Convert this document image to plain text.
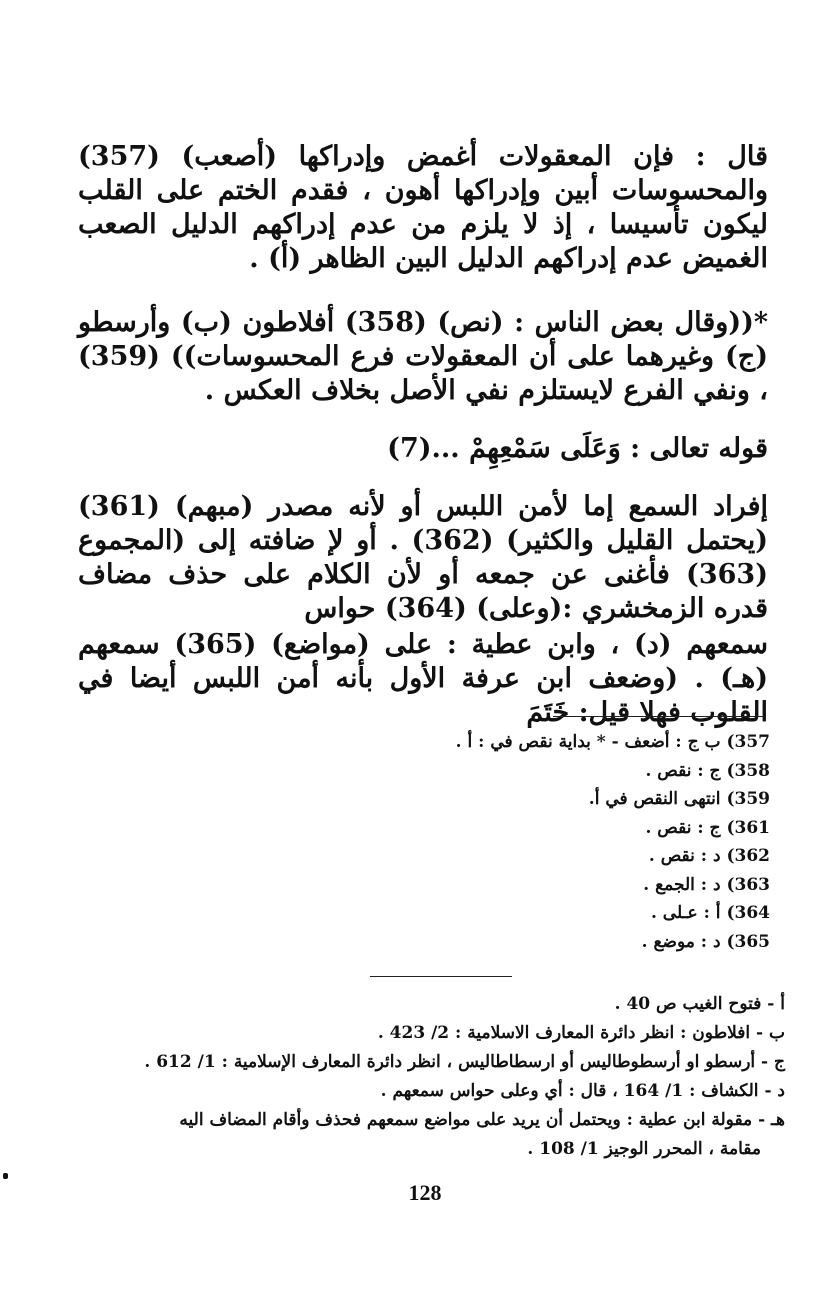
قال : فإن المعقولات أغمض وإدراكها (أصعب) (357) والمحسوسات أبين وإدراكها أهون ، فقدم الختم على القلب ليكون تأسيسا ، إذ لا يلزم من عدم إدراكهم الدليل الصعب الغميض عدم إدراكهم الدليل البين الظاهر (أ) .

*((وقال بعض الناس : (نص) (358) أفلاطون (ب) وأرسطو (ج) وغيرهما على أن المعقولات فرع المحسوسات)) (359) ، ونفي الفرع لايستلزم نفي الأصل بخلاف العكس .

قوله تعالى : وَعَلَى سَمْعِهِمْ ...(7)

إفراد السمع إما لأمن اللبس أو لأنه مصدر (مبهم) (361) (يحتمل القليل والكثير) (362) . أو لإ ضافته إلى (المجموع (363) فأغنى عن جمعه أو لأن الكلام على حذف مضاف قدره الزمخشري :(وعلى) (364) حواس

سمعهم (د) ، وابن عطية : على (مواضع) (365) سمعهم (هـ) . (وضعف ابن عرفة الأول بأنه أمن اللبس أيضا في القلوب فهلا قيل: خَتَمَ

357) ب ج : أضعف - * بداية نقص في : أ .
358) ج : نقص .
359) انتهى النقص في أ.
361) ج : نقص .
362) د : نقص .
363) د : الجمع .
364) أ : عـلى .
365) د : موضع .
أ - فتوح الغيب ص 40 .
ب - افلاطون : انظر دائرة المعارف الاسلامية : 2/ 423 .
ج - أرسطو او أرسطوطاليس أو ارسطاطاليس ، انظر دائرة المعارف الإسلامية : 1/ 612 .
د - الكشاف : 1/ 164 ، قال : أي وعلى حواس سمعهم .
هـ - مقولة ابن عطية : ويحتمل أن يريد على مواضع سمعهم فحذف وأقام المضاف اليه
مقامة ، المحرر الوجيز 1/ 108 .
128
